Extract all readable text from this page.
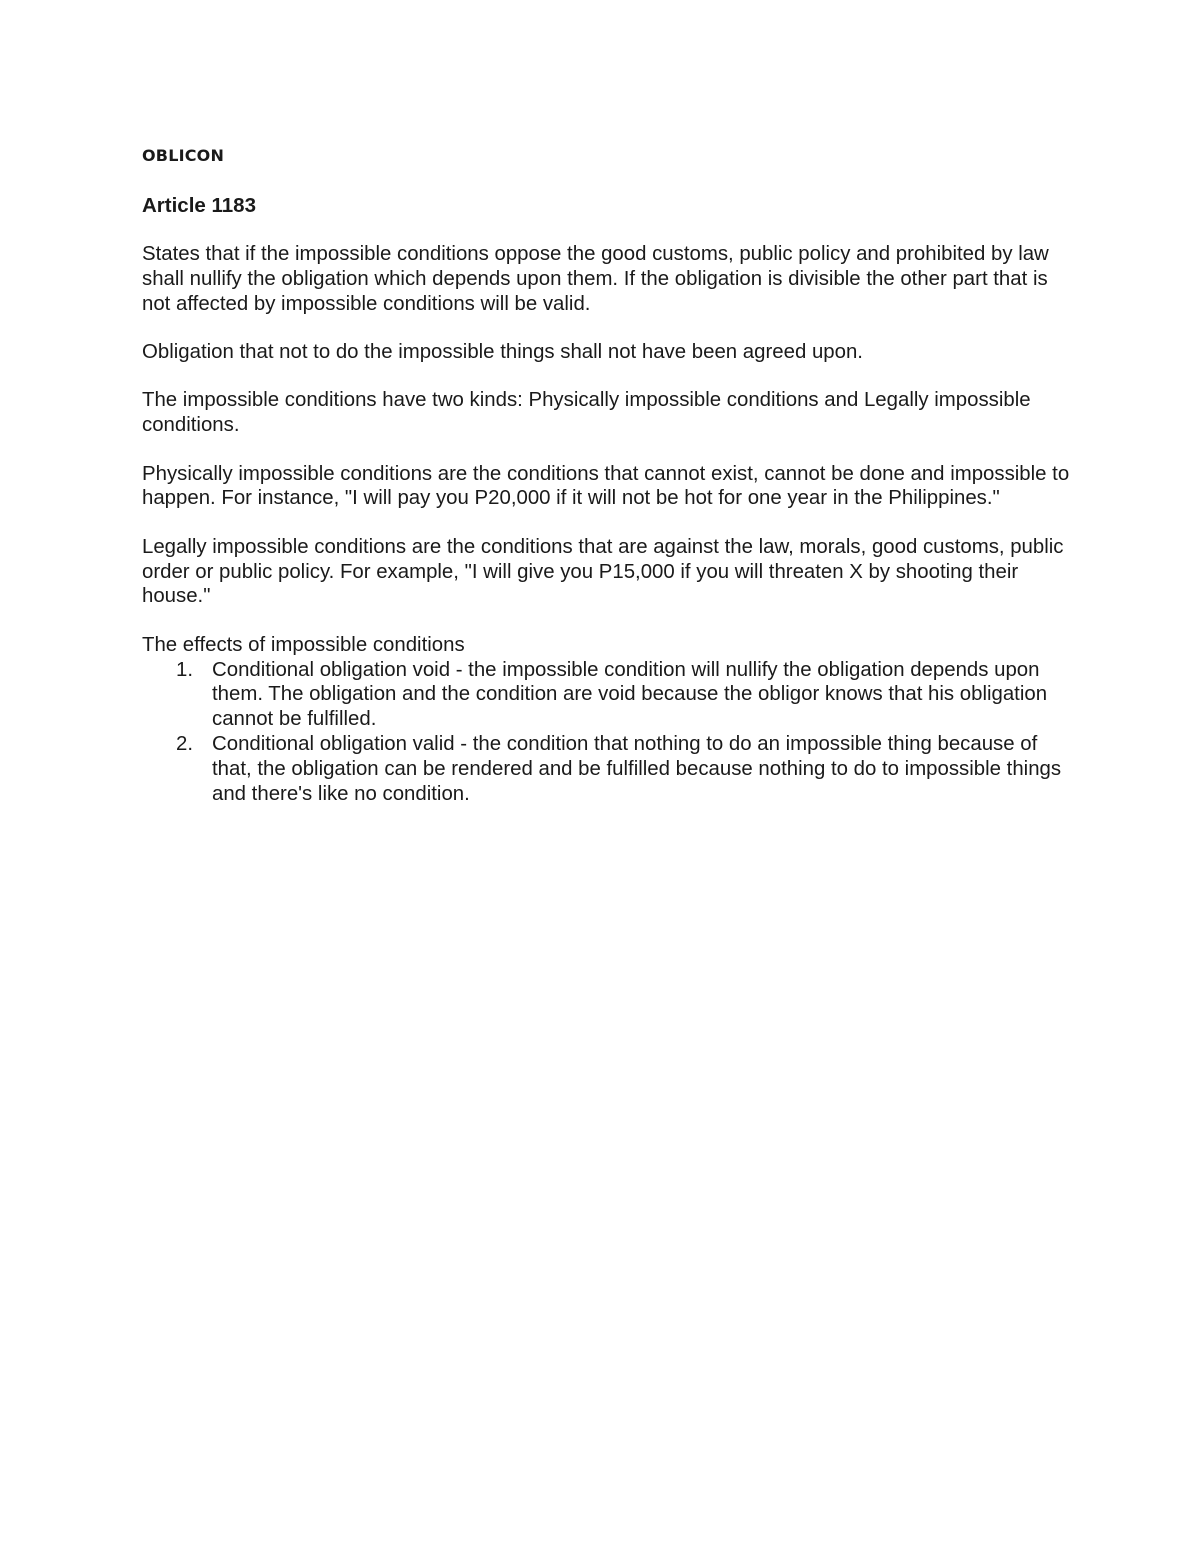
OBLICON
Article 1183

States that if the impossible conditions oppose the good customs, public policy and prohibited by law shall nullify the obligation which depends upon them. If the obligation is divisible the other part that is not affected by impossible conditions will be valid.

Obligation that not to do the impossible things shall not have been agreed upon.

The impossible conditions have two kinds: Physically impossible conditions and Legally impossible conditions.

Physically impossible conditions are the conditions that cannot exist, cannot be done and impossible to happen. For instance, "I will pay you P20,000 if it will not be hot for one year in the Philippines."

Legally impossible conditions are the conditions that are against the law, morals, good customs, public order or public policy. For example, "I will give you P15,000 if you will threaten X by shooting their house."

The effects of impossible conditions
1. Conditional obligation void - the impossible condition will nullify the obligation depends upon them. The obligation and the condition are void because the obligor knows that his obligation cannot be fulfilled.
2. Conditional obligation valid - the condition that nothing to do an impossible thing because of that, the obligation can be rendered and be fulfilled because nothing to do to impossible things and there's like no condition.
